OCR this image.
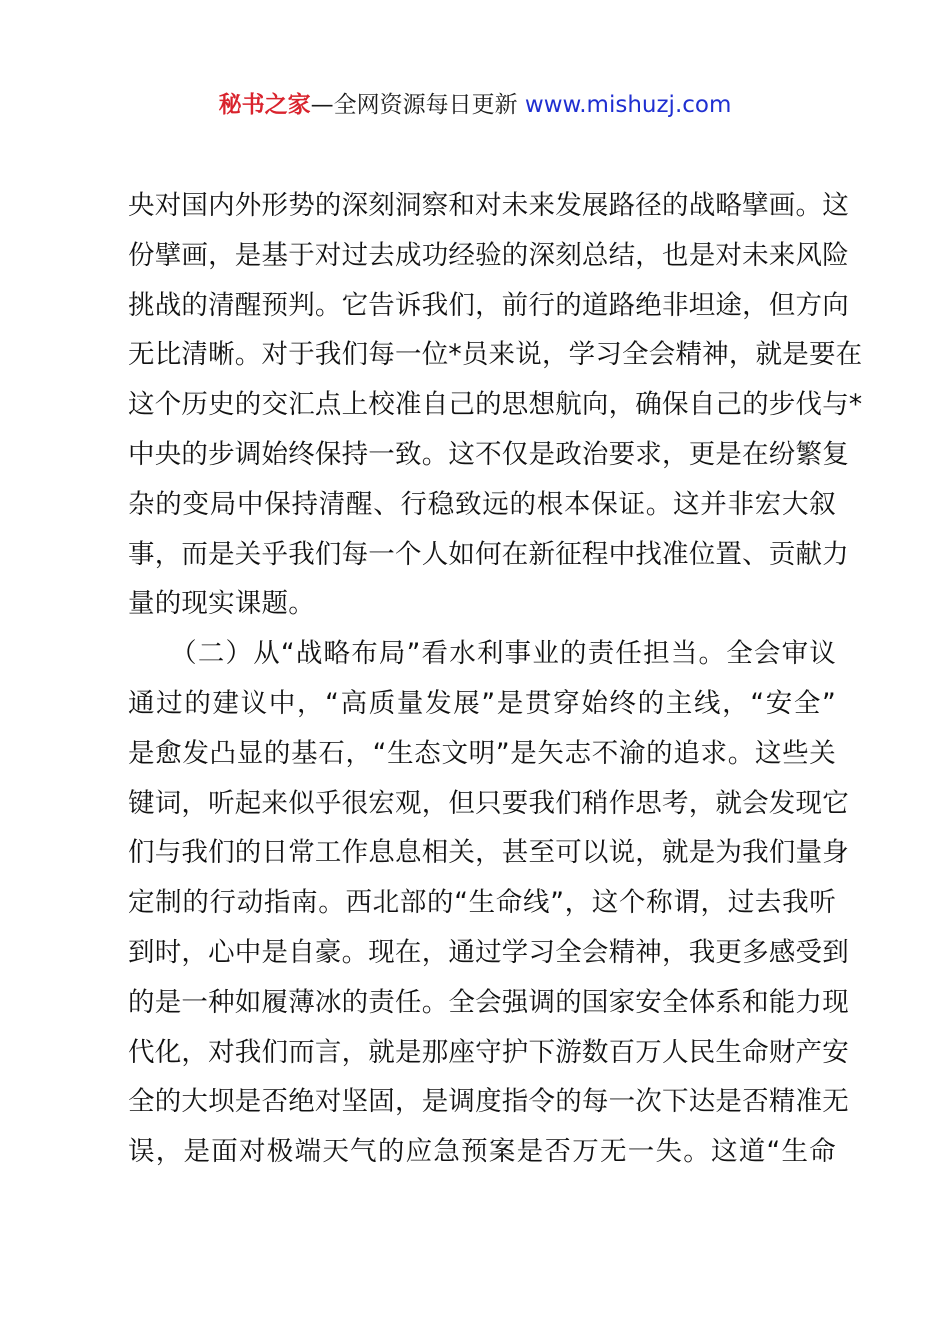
秘书之家—全网资源每日更新 www.mishuzj.com
央对国内外形势的深刻洞察和对未来发展路径的战略擘画。这
份擘画，是基于对过去成功经验的深刻总结，也是对未来风险
挑战的清醒预判。它告诉我们，前行的道路绝非坦途，但方向
无比清晰。对于我们每一位*员来说，学习全会精神，就是要在
这个历史的交汇点上校准自己的思想航向，确保自己的步伐与*
中央的步调始终保持一致。这不仅是政治要求，更是在纷繁复
杂的变局中保持清醒、行稳致远的根本保证。这并非宏大叙
事，而是关乎我们每一个人如何在新征程中找准位置、贡献力
量的现实课题。
　　（二）从“战略布局”看水利事业的责任担当。全会审议
通过的建议中，“高质量发展”是贯穿始终的主线，“安全”
是愈发凸显的基石，“生态文明”是矢志不渝的追求。这些关
键词，听起来似乎很宏观，但只要我们稍作思考，就会发现它
们与我们的日常工作息息相关，甚至可以说，就是为我们量身
定制的行动指南。西北部的“生命线”，这个称谓，过去我听
到时，心中是自豪。现在，通过学习全会精神，我更多感受到
的是一种如履薄冰的责任。全会强调的国家安全体系和能力现
代化，对我们而言，就是那座守护下游数百万人民生命财产安
全的大坝是否绝对坚固，是调度指令的每一次下达是否精准无
误，是面对极端天气的应急预案是否万无一失。这道“生命
